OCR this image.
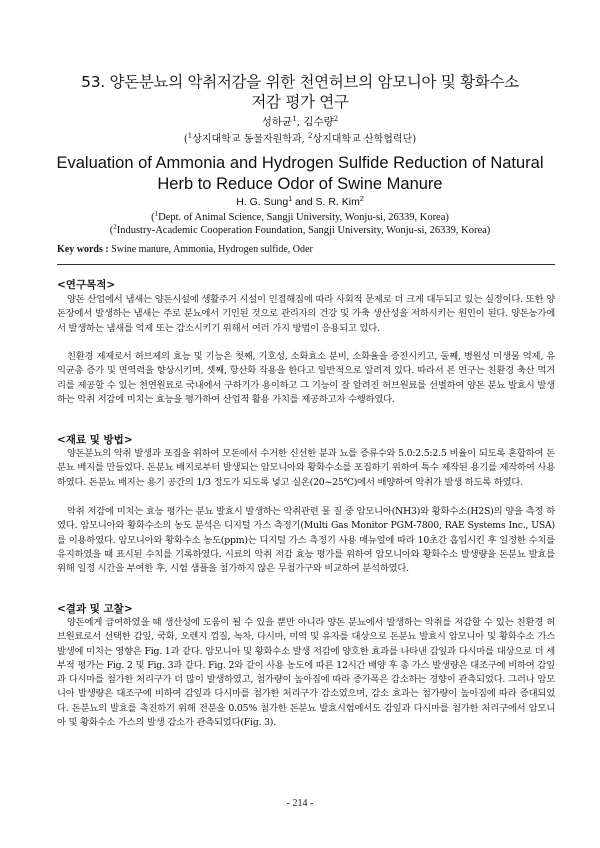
53. 양돈분뇨의 악취저감을 위한 천연허브의 암모니아 및 황화수소
저감 평가 연구
성하균$^1$, 김수량$^2$
($^1$상지대학교 동물자원학과, $^2$상지대학교 산학협력단)
Evaluation of Ammonia and Hydrogen Sulfide Reduction of Natural
Herb to Reduce Odor of Swine Manure
H. G. Sung$^1$ and S. R. Kim$^2$
($^1$Dept. of Animal Science, Sangji University, Wonju-si, 26339, Korea)
($^2$Industry-Academic Cooperation Foundation, Sangji University, Wonju-si, 26339, Korea)
Key words : Swine manure, Ammonia, Hydrogen sulfide, Oder
<연구목적>
양돈 산업에서 냄새는 양돈시설에 생활주거 시설이 인접해짐에 따라 사회적 문제로 더 크게 대두되고 있는 실정이다. 또한 양돈장에서 발생하는 냄새는 주로 분뇨에서 기인된 것으로 관리자의 건강 및 가축 생산성을 저하시키는 원인이 된다. 양돈농가에서 발생하는 냄새를 억제 또는 감소시키기 위해서 여러 가지 방법이 응용되고 있다.
친환경 제제로서 허브제의 효능 및 기능은 첫째, 기호성, 소화효소 분비, 소화율을 증진시키고, 둘째, 병원성 미생물 억제, 유익균총 증가 및 면역력을 향상시키며, 셋째, 항산화 작용을 한다고 일반적으로 알려져 있다. 따라서 본 연구는 친환경 축산 먹거리를 제공할 수 있는 천연원료로 국내에서 구하기가 용이하고 그 기능이 잘 알려진 허브원료를 선별하여 양돈 분뇨 발효시 발생하는 악취 저감에 미치는 효능을 평가하여 산업적 활용 가치를 제공하고자 수행하였다.
<재료 및 방법>
양돈분뇨의 악취 발생과 포집을 위하여 모돈에서 수거한 신선한 분과 뇨를 증류수와 5.0:2.5:2.5 비율이 되도록 혼합하여 돈분뇨 배지를 만들었다. 돈분뇨 배지로부터 발생되는 암모니아와 황화수소를 포집하기 위하여 특수 제작된 용기를 제작하여 사용하였다. 돈분뇨 배지는 용기 공간의 1/3 정도가 되도록 넣고 실온(20~25℃)에서 배양하여 악취가 발생 하도록 하였다.
악취 저감에 미치는 효능 평가는 분뇨 발효시 발생하는 악취관련 물 질 중 암모니아(NH3)와 황화수소(H2S)의 양을 측정 하였다. 암모니아와 황화수소의 농도 분석은 디지털 가스 측정기(Multi Gas Monitor PGM-7800, RAE Systems Inc., USA)를 이용하였다. 암모니아와 황화수소 농도(ppm)는 디지털 가스 측정기 사용 매뉴얼에 따라 10초간 흡입시킨 후 일정한 수치를 유지하였을 때 표시된 수치를 기록하였다. 시료의 악취 저감 효능 평가를 위하여 암모니아와 황화수소 발생량을 돈분뇨 발효를 위해 일정 시간을 부여한 후, 시험 샘플을 첨가하지 않은 무첨가구와 비교하여 분석하였다.
<결과 및 고찰>
양돈에게 급여하였을 때 생산성에 도움이 될 수 있을 뿐만 아니라 양돈 분뇨에서 발생하는 악취를 저감할 수 있는 친환경 허브원료로서 선택한 감잎, 국화, 오렌지 껍질, 녹차, 다시마, 미역 및 유자를 대상으로 돈분뇨 발효시 암모니아 및 황화수소 가스 발생에 미치는 영향은 Fig. 1과 같다. 암모니아 및 황화수소 발생 저감에 양호한 효과를 나타낸 감잎과 다시마를 대상으로 더 세부적 평가는 Fig. 2 및 Fig. 3과 같다. Fig. 2와 같이 사용 농도에 따른 12시간 배양 후 총 가스 발생량은 대조구에 비하여 감잎과 다시마를 첨가한 처리구가 더 많이 발생하였고, 첨가량이 높아짐에 따라 증가폭은 감소하는 경향이 관측되었다. 그러나 암모니아 발생량은 대조구에 비하여 감잎과 다시마를 첨가한 처리구가 감소였으며, 감소 효과는 첨가량이 높아짐에 따라 증대되었다. 돈분뇨의 발효를 촉진하기 위해 전분을 0.05% 첨가한 돈분뇨 발효시험에서도 감잎과 다시마를 첨가한 처리구에서 암모니아 및 황화수소 가스의 발생 감소가 관측되었다(Fig. 3).
- 214 -
